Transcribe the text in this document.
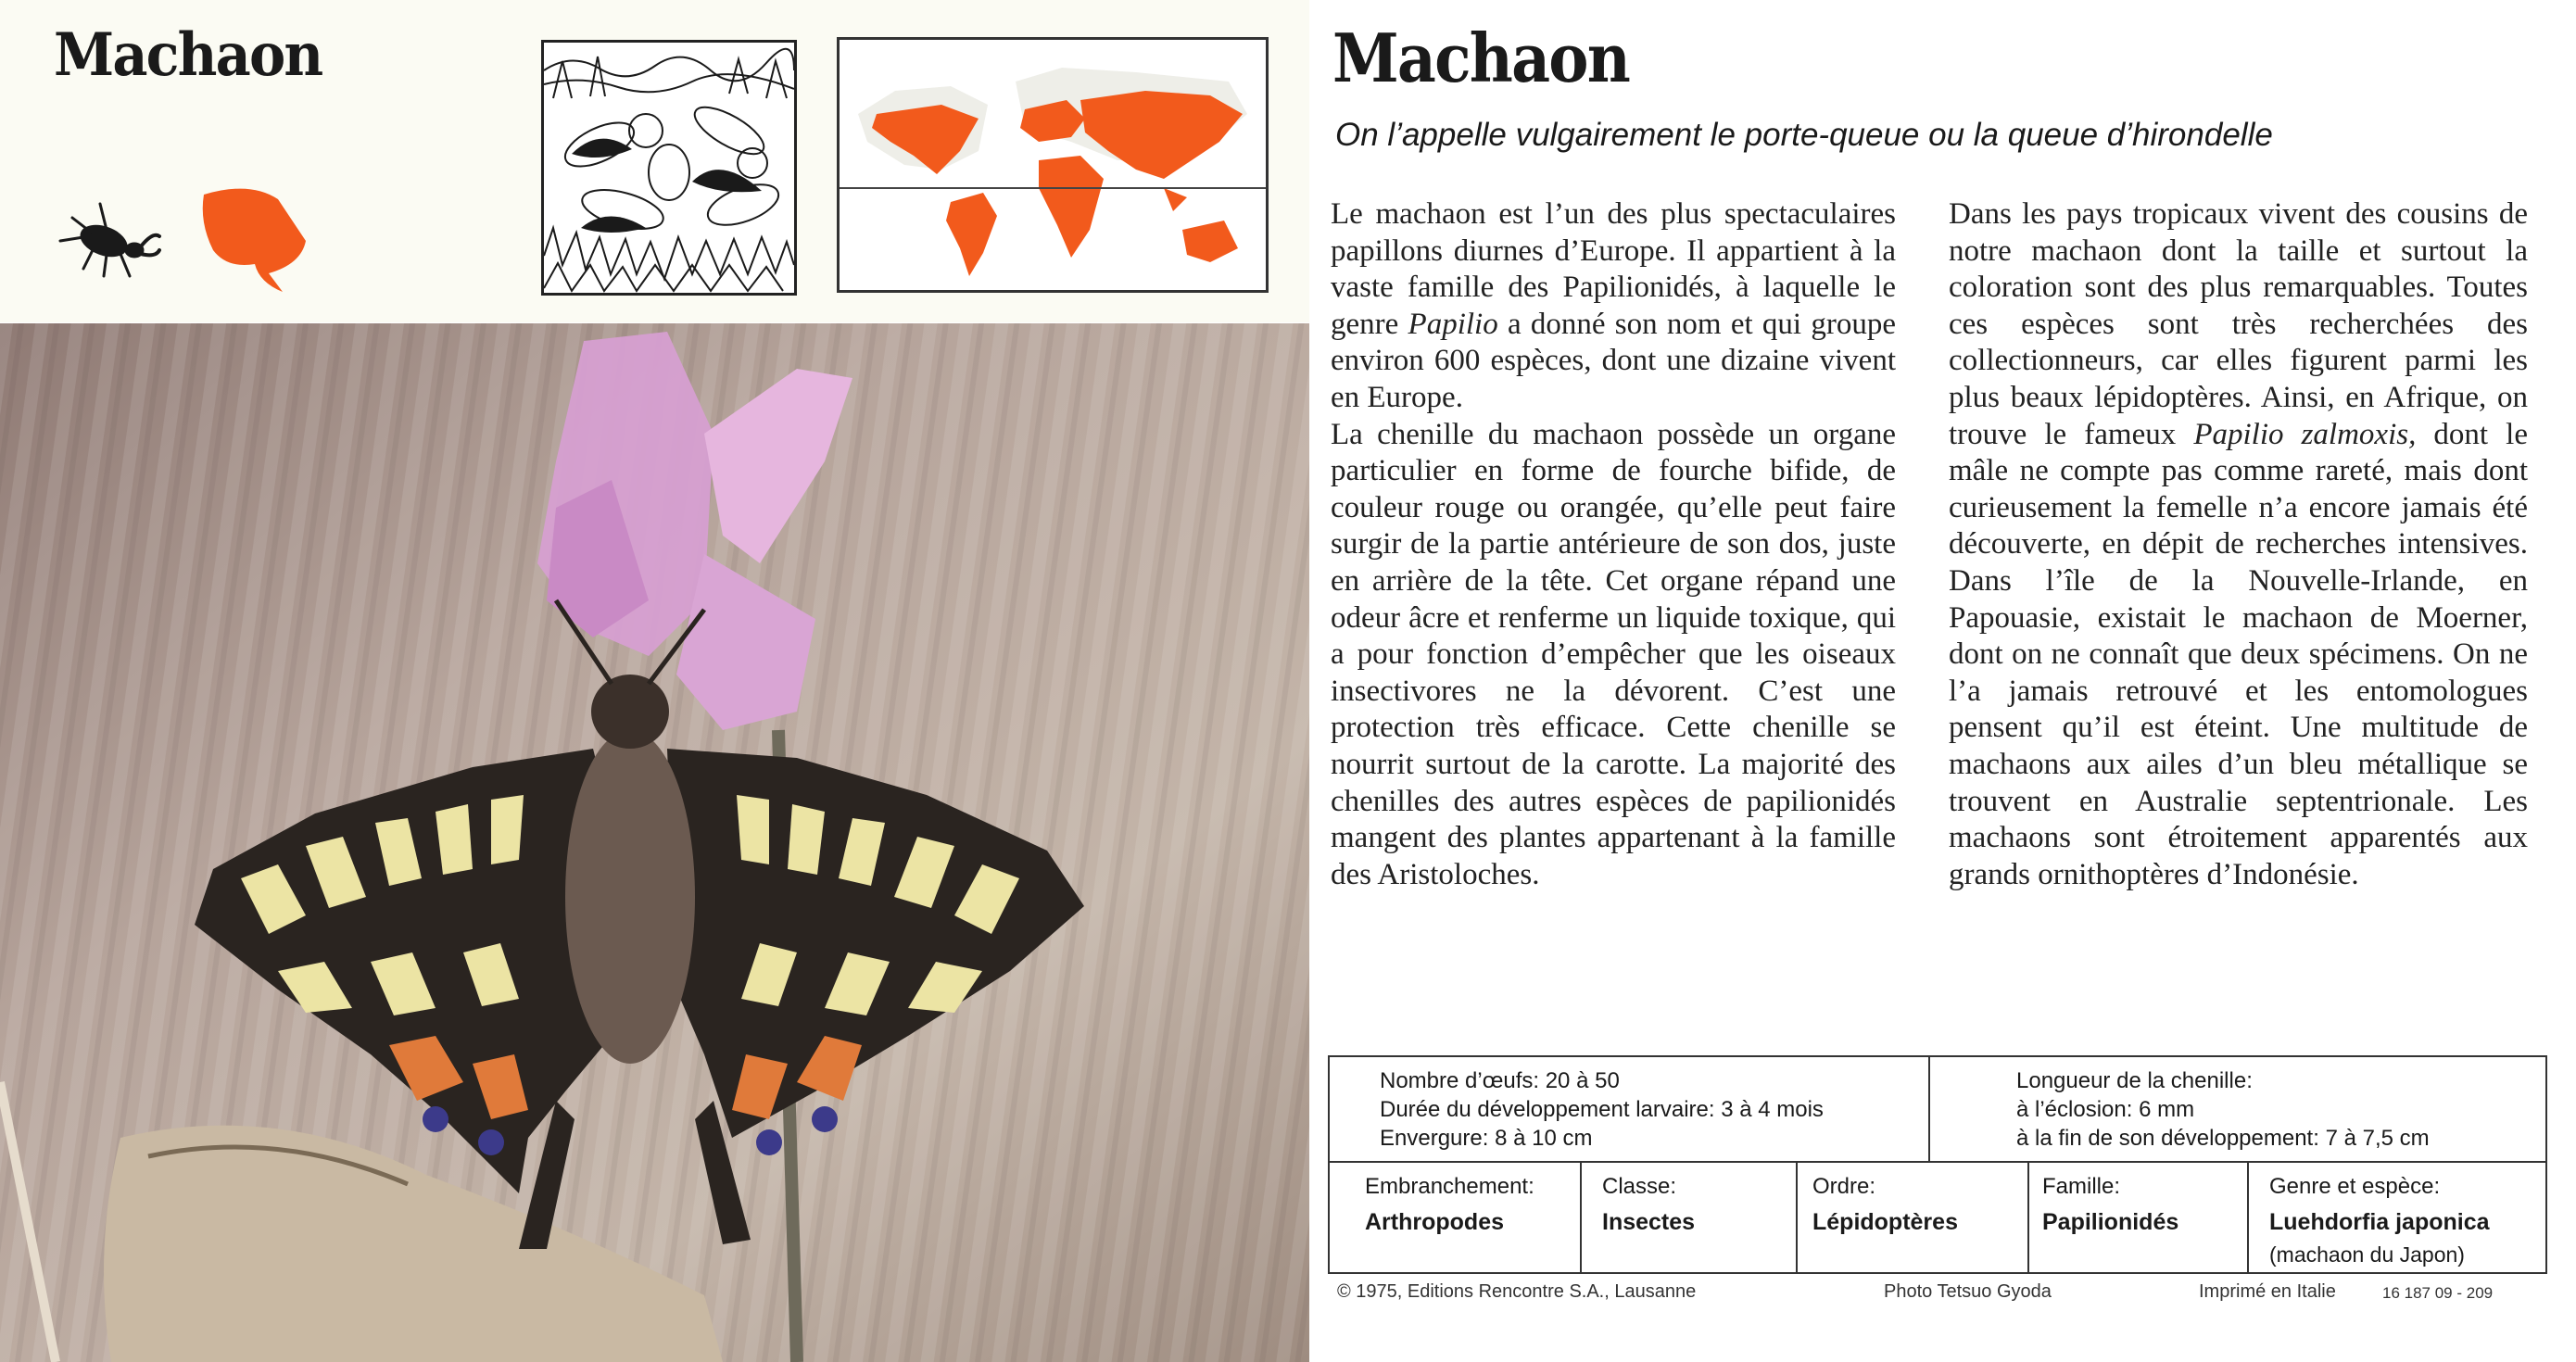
Machaon	Machaon

On l’appelle vulgairement le porte-queue ou la queue d’hirondelle

Le machaon est l’un des plus spectaculaires papillons diurnes d’Europe. Il appartient à la vaste famille des Papilionidés, à laquelle le genre Papilio a donné son nom et qui groupe environ 600 espèces, dont une dizaine vivent en Europe.

La chenille du machaon possède un organe particulier en forme de fourche bifide, de couleur rouge ou orangée, qu’elle peut faire surgir de la partie antérieure de son dos, juste en arrière de la tête. Cet organe répand une odeur âcre et renferme un liquide toxique, qui a pour fonction d’empêcher que les oiseaux insectivores ne la dévorent. C’est une protection très efficace. Cette chenille se nourrit surtout de la carotte. La majorité des chenilles des autres espèces de papilionidés mangent des plantes appartenant à la famille des Aristoloches.

Dans les pays tropicaux vivent des cousins de notre machaon dont la taille et surtout la coloration sont des plus remarquables. Toutes ces espèces sont très recherchées des collectionneurs, car elles figurent parmi les plus beaux lépidoptères. Ainsi, en Afrique, on trouve le fameux Papilio zalmoxis, dont le mâle ne compte pas comme rareté, mais dont curieusement la femelle n’a encore jamais été découverte, en dépit de recherches intensives. Dans l’île de la Nouvelle-Irlande, en Papouasie, existait le machaon de Moerner, dont on ne connaît que deux spécimens. On ne l’a jamais retrouvé et les entomologues pensent qu’il est éteint. Une multitude de machaons aux ailes d’un bleu métallique se trouvent en Australie septentrionale. Les machaons sont étroitement apparentés aux grands ornithoptères d’Indonésie.

Nombre d’œufs: 20 à 50
Durée du développement larvaire: 3 à 4 mois
Envergure: 8 à 10 cm
Longueur de la chenille:
à l’éclosion: 6 mm
à la fin de son développement: 7 à 7,5 cm
Embranchement:
Arthropodes
Classe:
Insectes
Ordre:
Lépidoptères
Famille:
Papilionidés
Genre et espèce:
Luehdorfia japonica
(machaon du Japon)
© 1975, Editions Rencontre S.A., Lausanne	Photo Tetsuo Gyoda	Imprimé en Italie	16 187 09 - 209
